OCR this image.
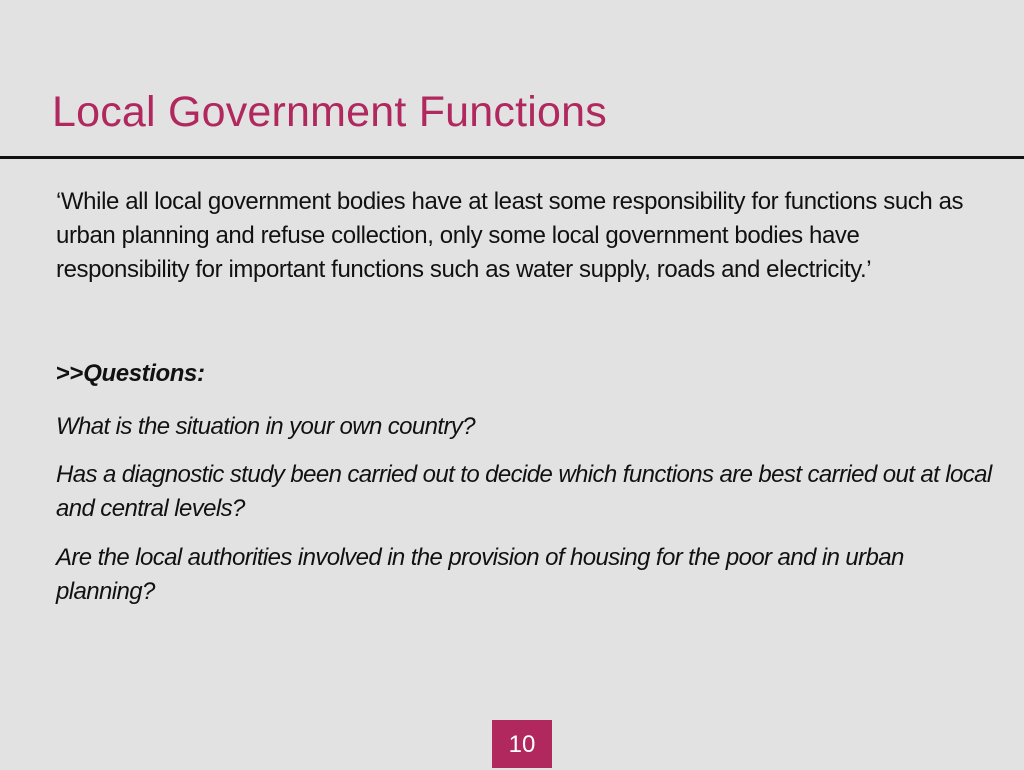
Local Government Functions

‘While all local government bodies have at least some responsibility for functions such as urban planning and refuse collection, only some local government bodies have responsibility for important functions such as water supply, roads and electricity.’

>>Questions:

What is the situation in your own country?

Has a diagnostic study been carried out to decide which functions are best carried out at local and central levels?

Are the local authorities involved in the provision of housing for the poor and in urban planning?

10
